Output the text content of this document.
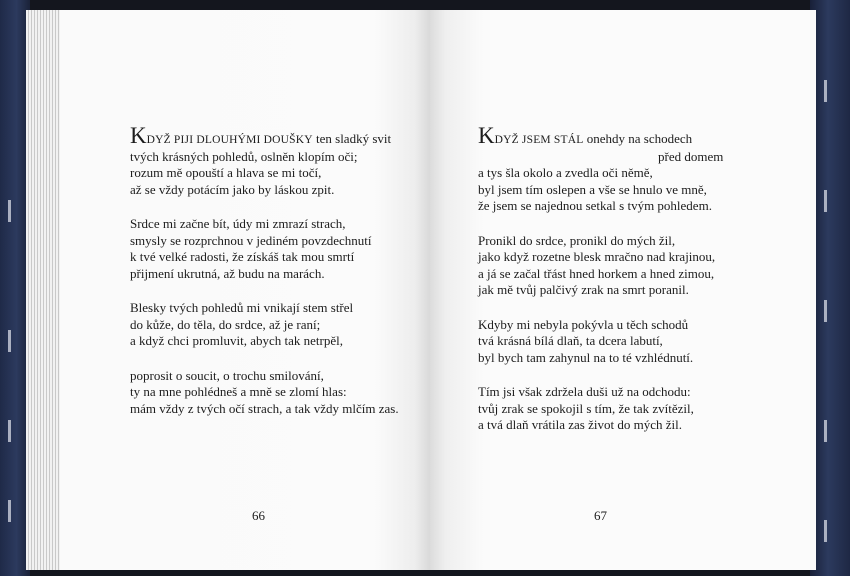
KDYŽ PIJI DLOUHÝMI DOUŠKY ten sladký svit
tvých krásných pohledů, oslněn klopím oči;
rozum mě opouští a hlava se mi točí,
až se vždy potácím jako by láskou zpit.
Srdce mi začne bít, údy mi zmrazí strach,
smysly se rozprchnou v jediném povzdechnutí
k tvé velké radosti, že získáš tak mou smrtí
přijmení ukrutná, až budu na marách.
Blesky tvých pohledů mi vnikají stem střel
do kůže, do těla, do srdce, až je raní;
a když chci promluvit, abych tak netrpěl,
poprosit o soucit, o trochu smilování,
ty na mne pohlédneš a mně se zlomí hlas:
mám vždy z tvých očí strach, a tak vždy mlčím zas.
66
KDYŽ JSEM STÁL onehdy na schodech
před domem
a tys šla okolo a zvedla oči němě,
byl jsem tím oslepen a vše se hnulo ve mně,
že jsem se najednou setkal s tvým pohledem.
Pronikl do srdce, pronikl do mých žil,
jako když rozetne blesk mračno nad krajinou,
a já se začal třást hned horkem a hned zimou,
jak mě tvůj palčivý zrak na smrt poranil.
Kdyby mi nebyla pokývla u těch schodů
tvá krásná bílá dlaň, ta dcera labutí,
byl bych tam zahynul na to té vzhlédnutí.
Tím jsi však zdržela duši už na odchodu:
tvůj zrak se spokojil s tím, že tak zvítězil,
a tvá dlaň vrátila zas život do mých žil.
67
